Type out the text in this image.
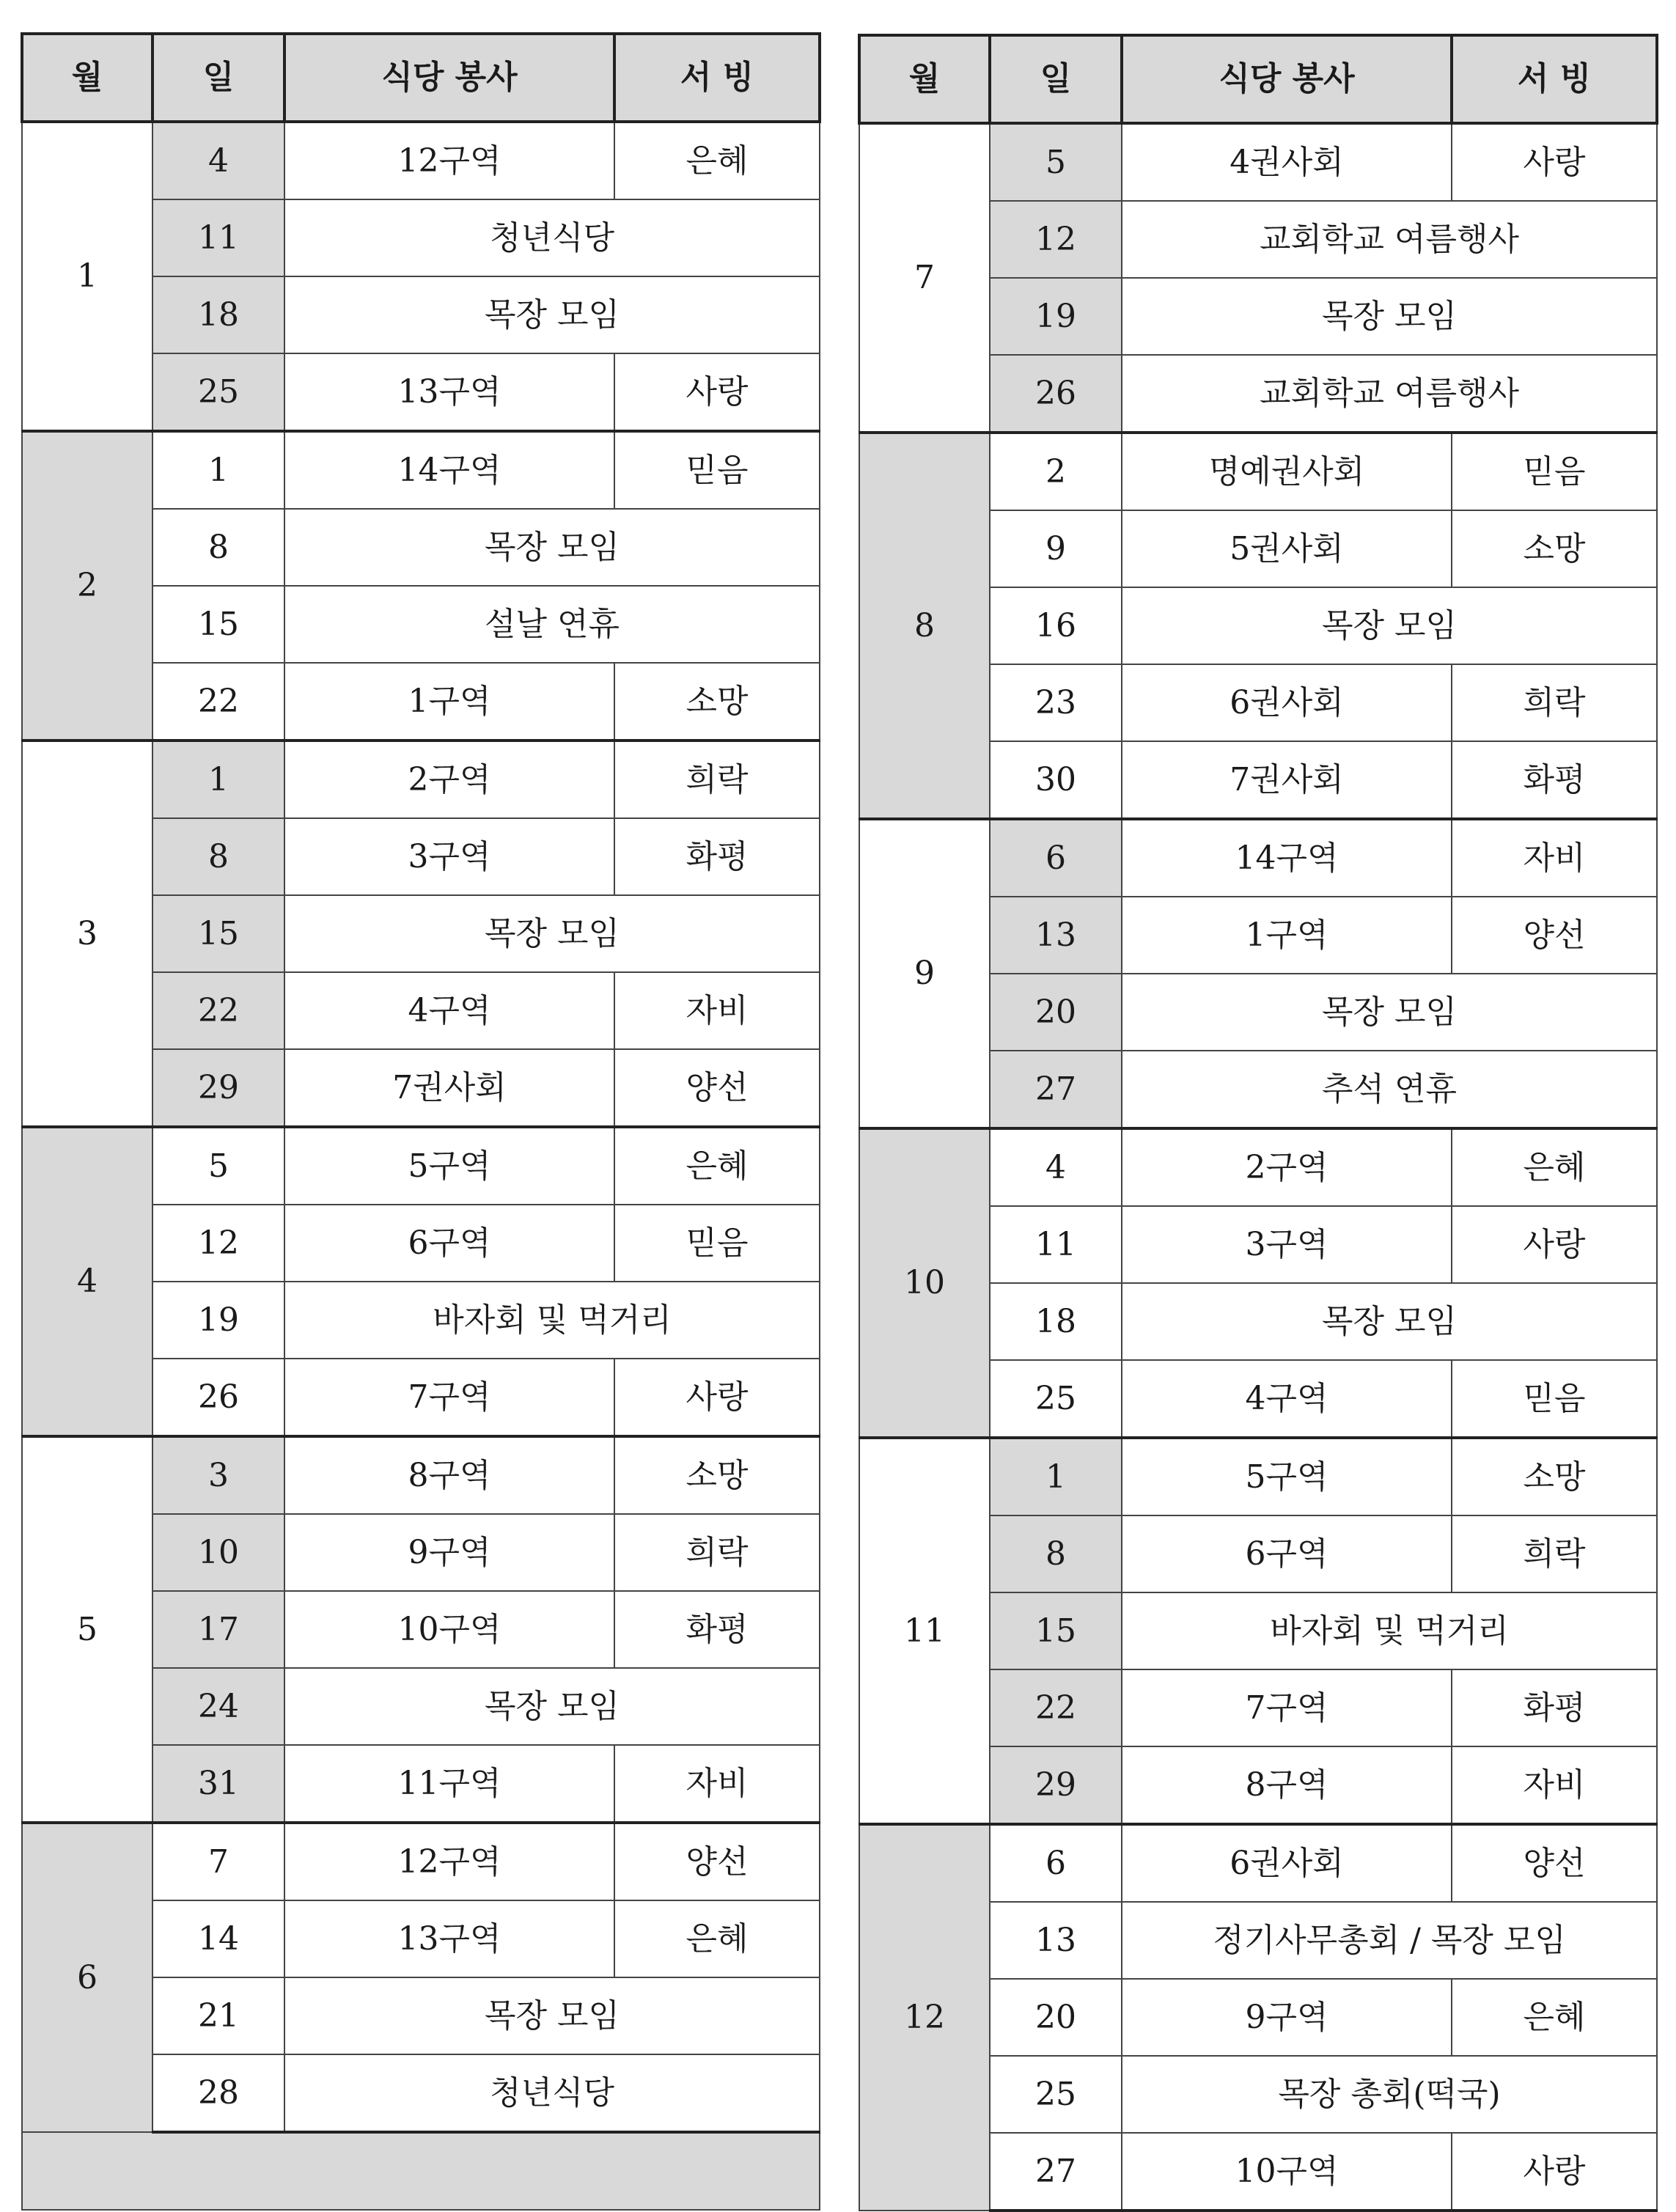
월	일	식당 봉사	서 빙
1	4	12구역	은혜
	11	청년식당	
	18	목장 모임	
	25	13구역	사랑
2	1	14구역	믿음
	8	목장 모임	
	15	설날 연휴	
	22	1구역	소망
3	1	2구역	희락
	8	3구역	화평
	15	목장 모임	
	22	4구역	자비
	29	7권사회	양선
4	5	5구역	은혜
	12	6구역	믿음
	19	바자회 및 먹거리	
	26	7구역	사랑
5	3	8구역	소망
	10	9구역	희락
	17	10구역	화평
	24	목장 모임	
	31	11구역	자비
6	7	12구역	양선
	14	13구역	은혜
	21	목장 모임	
	28	청년식당	

월	일	식당 봉사	서 빙
7	5	4권사회	사랑
	12	교회학교 여름행사	
	19	목장 모임	
	26	교회학교 여름행사	
8	2	명예권사회	믿음
	9	5권사회	소망
	16	목장 모임	
	23	6권사회	희락
	30	7권사회	화평
9	6	14구역	자비
	13	1구역	양선
	20	목장 모임	
	27	추석 연휴	
10	4	2구역	은혜
	11	3구역	사랑
	18	목장 모임	
	25	4구역	믿음
11	1	5구역	소망
	8	6구역	희락
	15	바자회 및 먹거리	
	22	7구역	화평
	29	8구역	자비
12	6	6권사회	양선
	13	정기사무총회 / 목장 모임	
	20	9구역	은혜
	25	목장 총회(떡국)	
	27	10구역	사랑
